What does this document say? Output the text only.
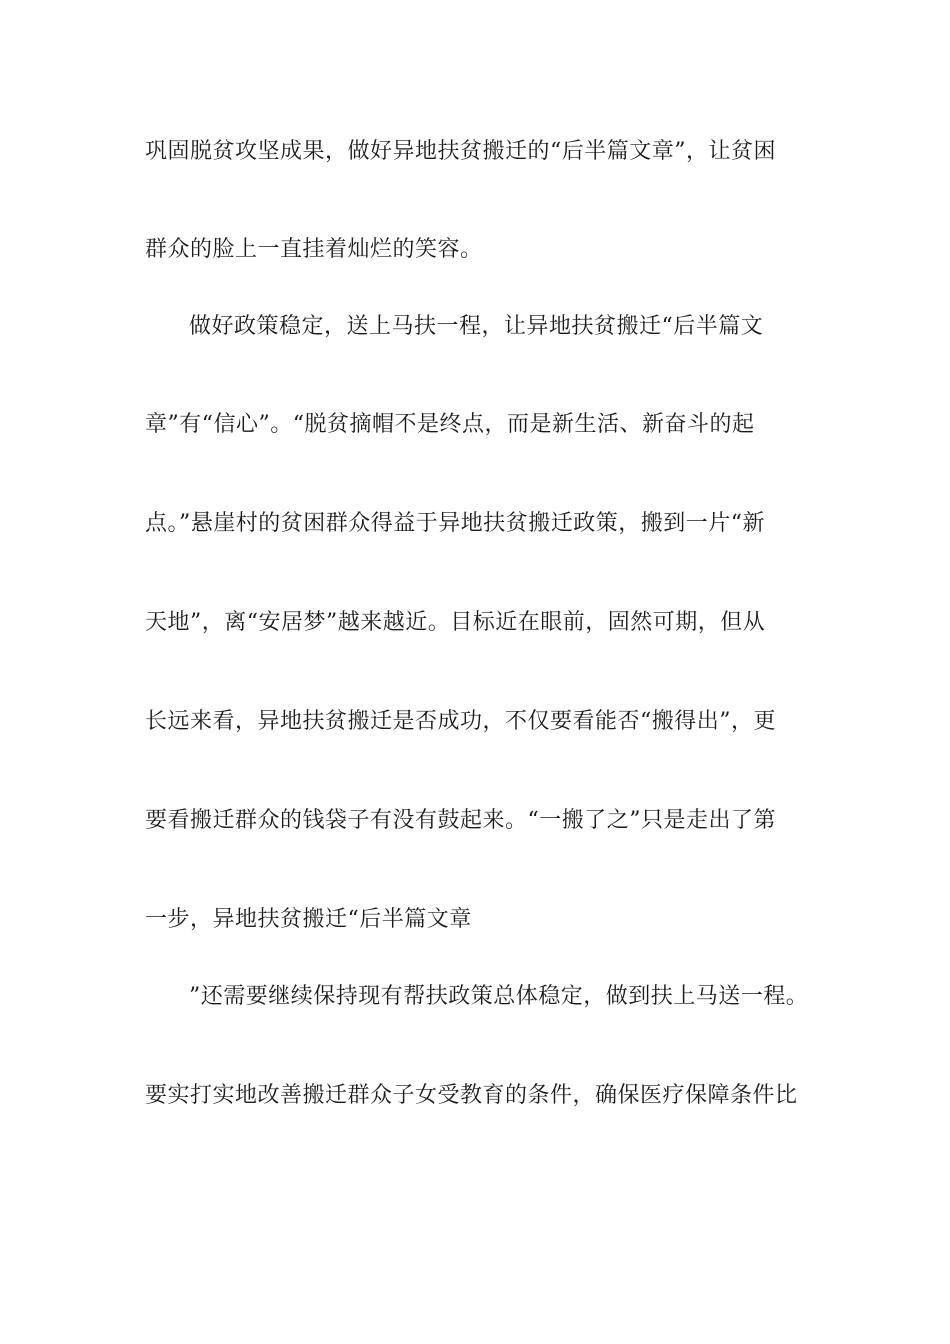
巩固脱贫攻坚成果，做好异地扶贫搬迁的“后半篇文章”，让贫困
群众的脸上一直挂着灿烂的笑容。
做好政策稳定，送上马扶一程，让异地扶贫搬迁“后半篇文
章”有“信心”。“脱贫摘帽不是终点，而是新生活、新奋斗的起
点。”悬崖村的贫困群众得益于异地扶贫搬迁政策，搬到一片“新
天地”，离“安居梦”越来越近。目标近在眼前，固然可期，但从
长远来看，异地扶贫搬迁是否成功，不仅要看能否“搬得出”，更
要看搬迁群众的钱袋子有没有鼓起来。“一搬了之”只是走出了第
一步，异地扶贫搬迁“后半篇文章
”还需要继续保持现有帮扶政策总体稳定，做到扶上马送一程。
要实打实地改善搬迁群众子女受教育的条件，确保医疗保障条件比
